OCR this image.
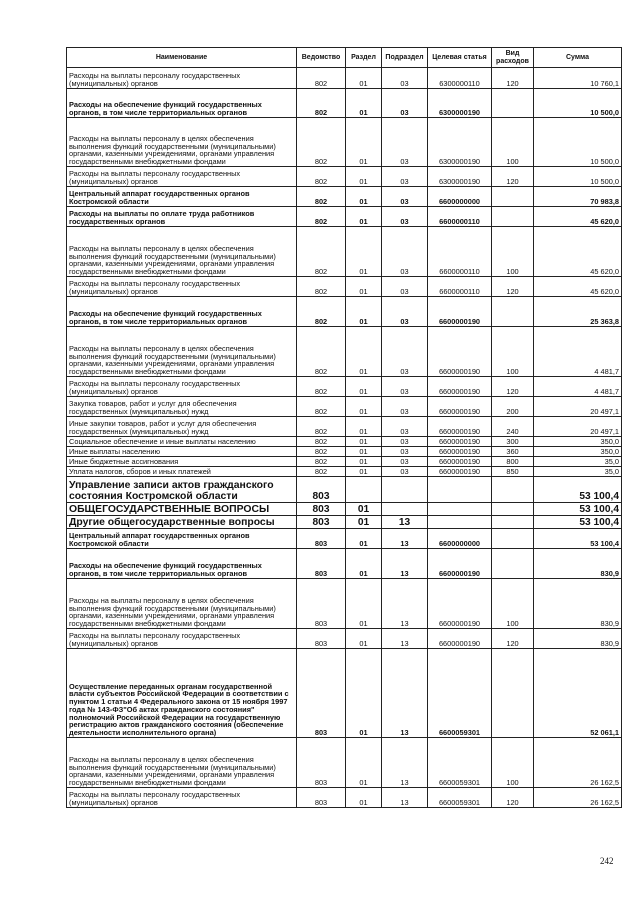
Наименование	Ведомство	Раздел	Подраздел	Целевая статья	Вид расходов	Сумма
Расходы на выплаты персоналу государственных (муниципальных) органов	802	01	03	6300000110	120	10 760,1
Расходы на обеспечение функций государственных органов, в том числе территориальных органов	802	01	03	6300000190		10 500,0
Расходы на выплаты персоналу в целях обеспечения выполнения функций государственными (муниципальными) органами, казенными учреждениями, органами управления государственными внебюджетными фондами	802	01	03	6300000190	100	10 500,0
Расходы на выплаты персоналу государственных (муниципальных) органов	802	01	03	6300000190	120	10 500,0
Центральный аппарат государственных органов Костромской области	802	01	03	6600000000		70 983,8
Расходы на выплаты по оплате труда работников государственных органов	802	01	03	6600000110		45 620,0
Расходы на выплаты персоналу в целях обеспечения выполнения функций государственными (муниципальными) органами, казенными учреждениями, органами управления государственными внебюджетными фондами	802	01	03	6600000110	100	45 620,0
Расходы на выплаты персоналу государственных (муниципальных) органов	802	01	03	6600000110	120	45 620,0
Расходы на обеспечение функций государственных органов, в том числе территориальных органов	802	01	03	6600000190		25 363,8
Расходы на выплаты персоналу в целях обеспечения выполнения функций государственными (муниципальными) органами, казенными учреждениями, органами управления государственными внебюджетными фондами	802	01	03	6600000190	100	4 481,7
Расходы на выплаты персоналу государственных (муниципальных) органов	802	01	03	6600000190	120	4 481,7
Закупка товаров, работ и услуг для обеспечения государственных (муниципальных) нужд	802	01	03	6600000190	200	20 497,1
Иные закупки товаров, работ и услуг для обеспечения государственных (муниципальных) нужд	802	01	03	6600000190	240	20 497,1
Социальное обеспечение и иные выплаты населению	802	01	03	6600000190	300	350,0
Иные выплаты населению	802	01	03	6600000190	360	350,0
Иные бюджетные ассигнования	802	01	03	6600000190	800	35,0
Уплата налогов, сборов и иных платежей	802	01	03	6600000190	850	35,0
Управление записи актов гражданского состояния Костромской области	803					53 100,4
ОБЩЕГОСУДАРСТВЕННЫЕ ВОПРОСЫ	803	01				53 100,4
Другие общегосударственные вопросы	803	01	13			53 100,4
Центральный аппарат государственных органов Костромской области	803	01	13	6600000000		53 100,4
Расходы на обеспечение функций государственных органов, в том числе территориальных органов	803	01	13	6600000190		830,9
Расходы на выплаты персоналу в целях обеспечения выполнения функций государственными (муниципальными) органами, казенными учреждениями, органами управления государственными внебюджетными фондами	803	01	13	6600000190	100	830,9
Расходы на выплаты персоналу государственных (муниципальных) органов	803	01	13	6600000190	120	830,9
Осуществление переданных органам государственной власти субъектов Российской Федерации в соответствии с пунктом 1 статьи 4 Федерального закона от 15 ноября 1997 года № 143-ФЗ"Об актах гражданского состояния" полномочий Российской Федерации на государственную регистрацию актов гражданского состояния (обеспечение деятельности исполнительного органа)	803	01	13	6600059301		52 061,1
Расходы на выплаты персоналу в целях обеспечения выполнения функций государственными (муниципальными) органами, казенными учреждениями, органами управления государственными внебюджетными фондами	803	01	13	6600059301	100	26 162,5
Расходы на выплаты персоналу государственных (муниципальных) органов	803	01	13	6600059301	120	26 162,5
242
